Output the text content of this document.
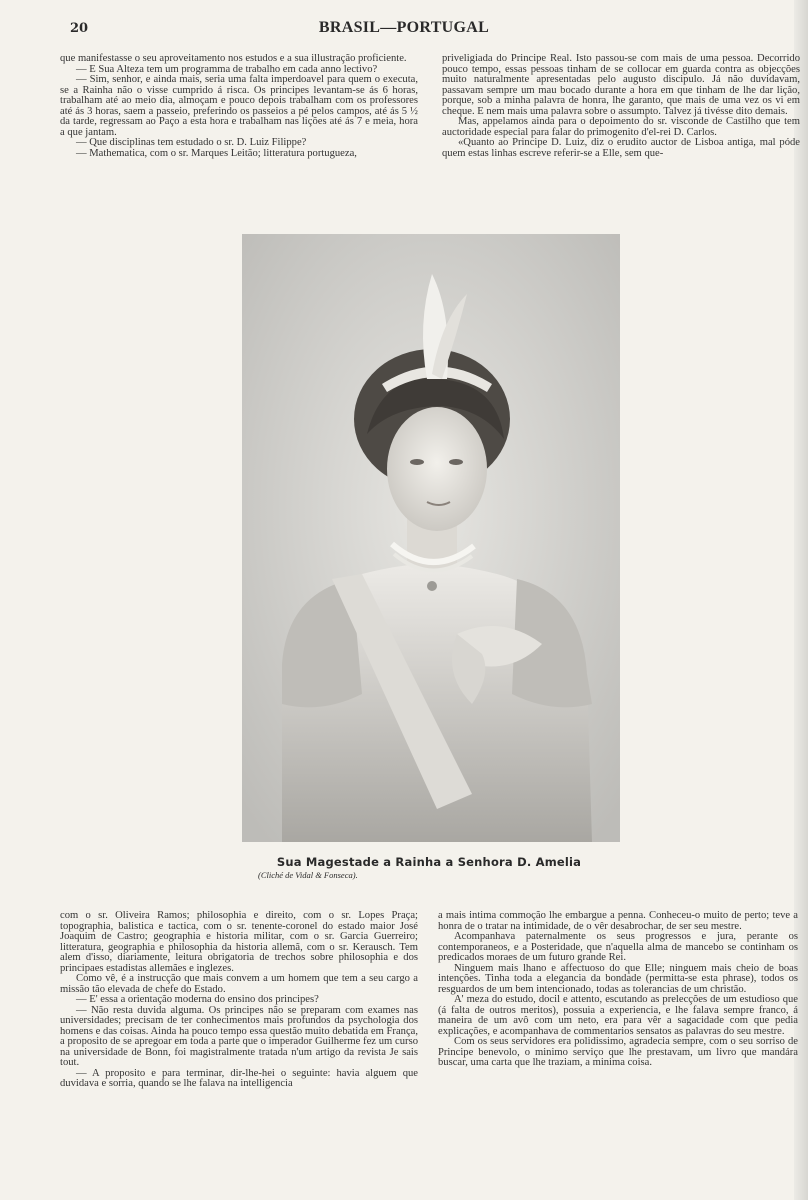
20	BRASIL—PORTUGAL

que manifestasse o seu aproveitamento nos estudos e a sua illustração proficiente.

— E Sua Alteza tem um programma de trabalho em cada anno lectivo?

— Sim, senhor, e ainda mais, seria uma falta imperdoavel para quem o executa, se a Rainha não o visse cumprido á risca. Os principes levantam-se ás 6 horas, trabalham até ao meio dia, almoçam e pouco depois trabalham com os professores até ás 3 horas, saem a passeio, preferindo os passeios a pé pelos campos, até ás 5 ½ da tarde, regressam ao Paço a esta hora e trabalham nas lições até ás 7 e meia, hora a que jantam.

— Que disciplinas tem estudado o sr. D. Luiz Filippe?

— Mathematica, com o sr. Marques Leitão; litteratura portugueza,

priveligiada do Principe Real. Isto passou-se com mais de uma pessoa. Decorrido pouco tempo, essas pessoas tinham de se collocar em guarda contra as objecções muito naturalmente apresentadas pelo augusto discipulo. Já não duvidavam, passavam sempre um mau bocado durante a hora em que tinham de lhe dar lição, porque, sob a minha palavra de honra, lhe garanto, que mais de uma vez os vi em cheque. E nem mais uma palavra sobre o assumpto. Talvez já tivésse dito demais.

Mas, appelamos ainda para o depoimento do sr. visconde de Castilho que tem auctoridade especial para falar do primogenito d'el-rei D. Carlos.

«Quanto ao Principe D. Luiz, diz o erudito auctor de Lisboa antiga, mal póde quem estas linhas escreve referir-se a Elle, sem que-

Sua Magestade a Rainha a Senhora D. Amelia
(Cliché de Vidal & Fonseca).

com o sr. Oliveira Ramos; philosophia e direito, com o sr. Lopes Praça; topographia, balistica e tactica, com o sr. tenente-coronel do estado maior José Joaquim de Castro; geographia e historia militar, com o sr. Garcia Guerreiro; litteratura, geographia e philosophia da historia allemã, com o sr. Kerausch. Tem alem d'isso, diariamente, leitura obrigatoria de trechos sobre philosophia e dos principaes estadistas allemães e inglezes.

Como vê, é a instrucção que mais convem a um homem que tem a seu cargo a missão tão elevada de chefe do Estado.

— E' essa a orientação moderna do ensino dos principes?

— Não resta duvida alguma. Os principes não se preparam com exames nas universidades; precisam de ter conhecimentos mais profundos da psychologia dos homens e das coisas. Ainda ha pouco tempo essa questão muito debatida em França, a proposito de se apregoar em toda a parte que o imperador Guilherme fez um curso na universidade de Bonn, foi magistralmente tratada n'um artigo da revista Je sais tout.

— A proposito e para terminar, dir-lhe-hei o seguinte: havia alguem que duvidava e sorria, quando se lhe falava na intelligencia

a mais intima commoção lhe embargue a penna. Conheceu-o muito de perto; teve a honra de o tratar na intimidade, de o vêr desabrochar, de ser seu mestre.

Acompanhava paternalmente os seus progressos e jura, perante os contemporaneos, e a Posteridade, que n'aquella alma de mancebo se continham os predicados moraes de um futuro grande Rei.

Ninguem mais lhano e affectuoso do que Elle; ninguem mais cheio de boas intenções. Tinha toda a elegancia da bondade (permitta-se esta phrase), todos os resguardos de um bem intencionado, todas as tolerancias de um christão.

A' meza do estudo, docil e attento, escutando as prelecções de um estudioso que (á falta de outros meritos), possuia a experiencia, e lhe falava sempre franco, á maneira de um avô com um neto, era para vêr a sagacidade com que pedia explicações, e acompanhava de commentarios sensatos as palavras do seu mestre.

Com os seus servidores era polidissimo, agradecia sempre, com o seu sorriso de Principe benevolo, o minimo serviço que lhe prestavam, um livro que mandára buscar, uma carta que lhe traziam, a minima coisa.
